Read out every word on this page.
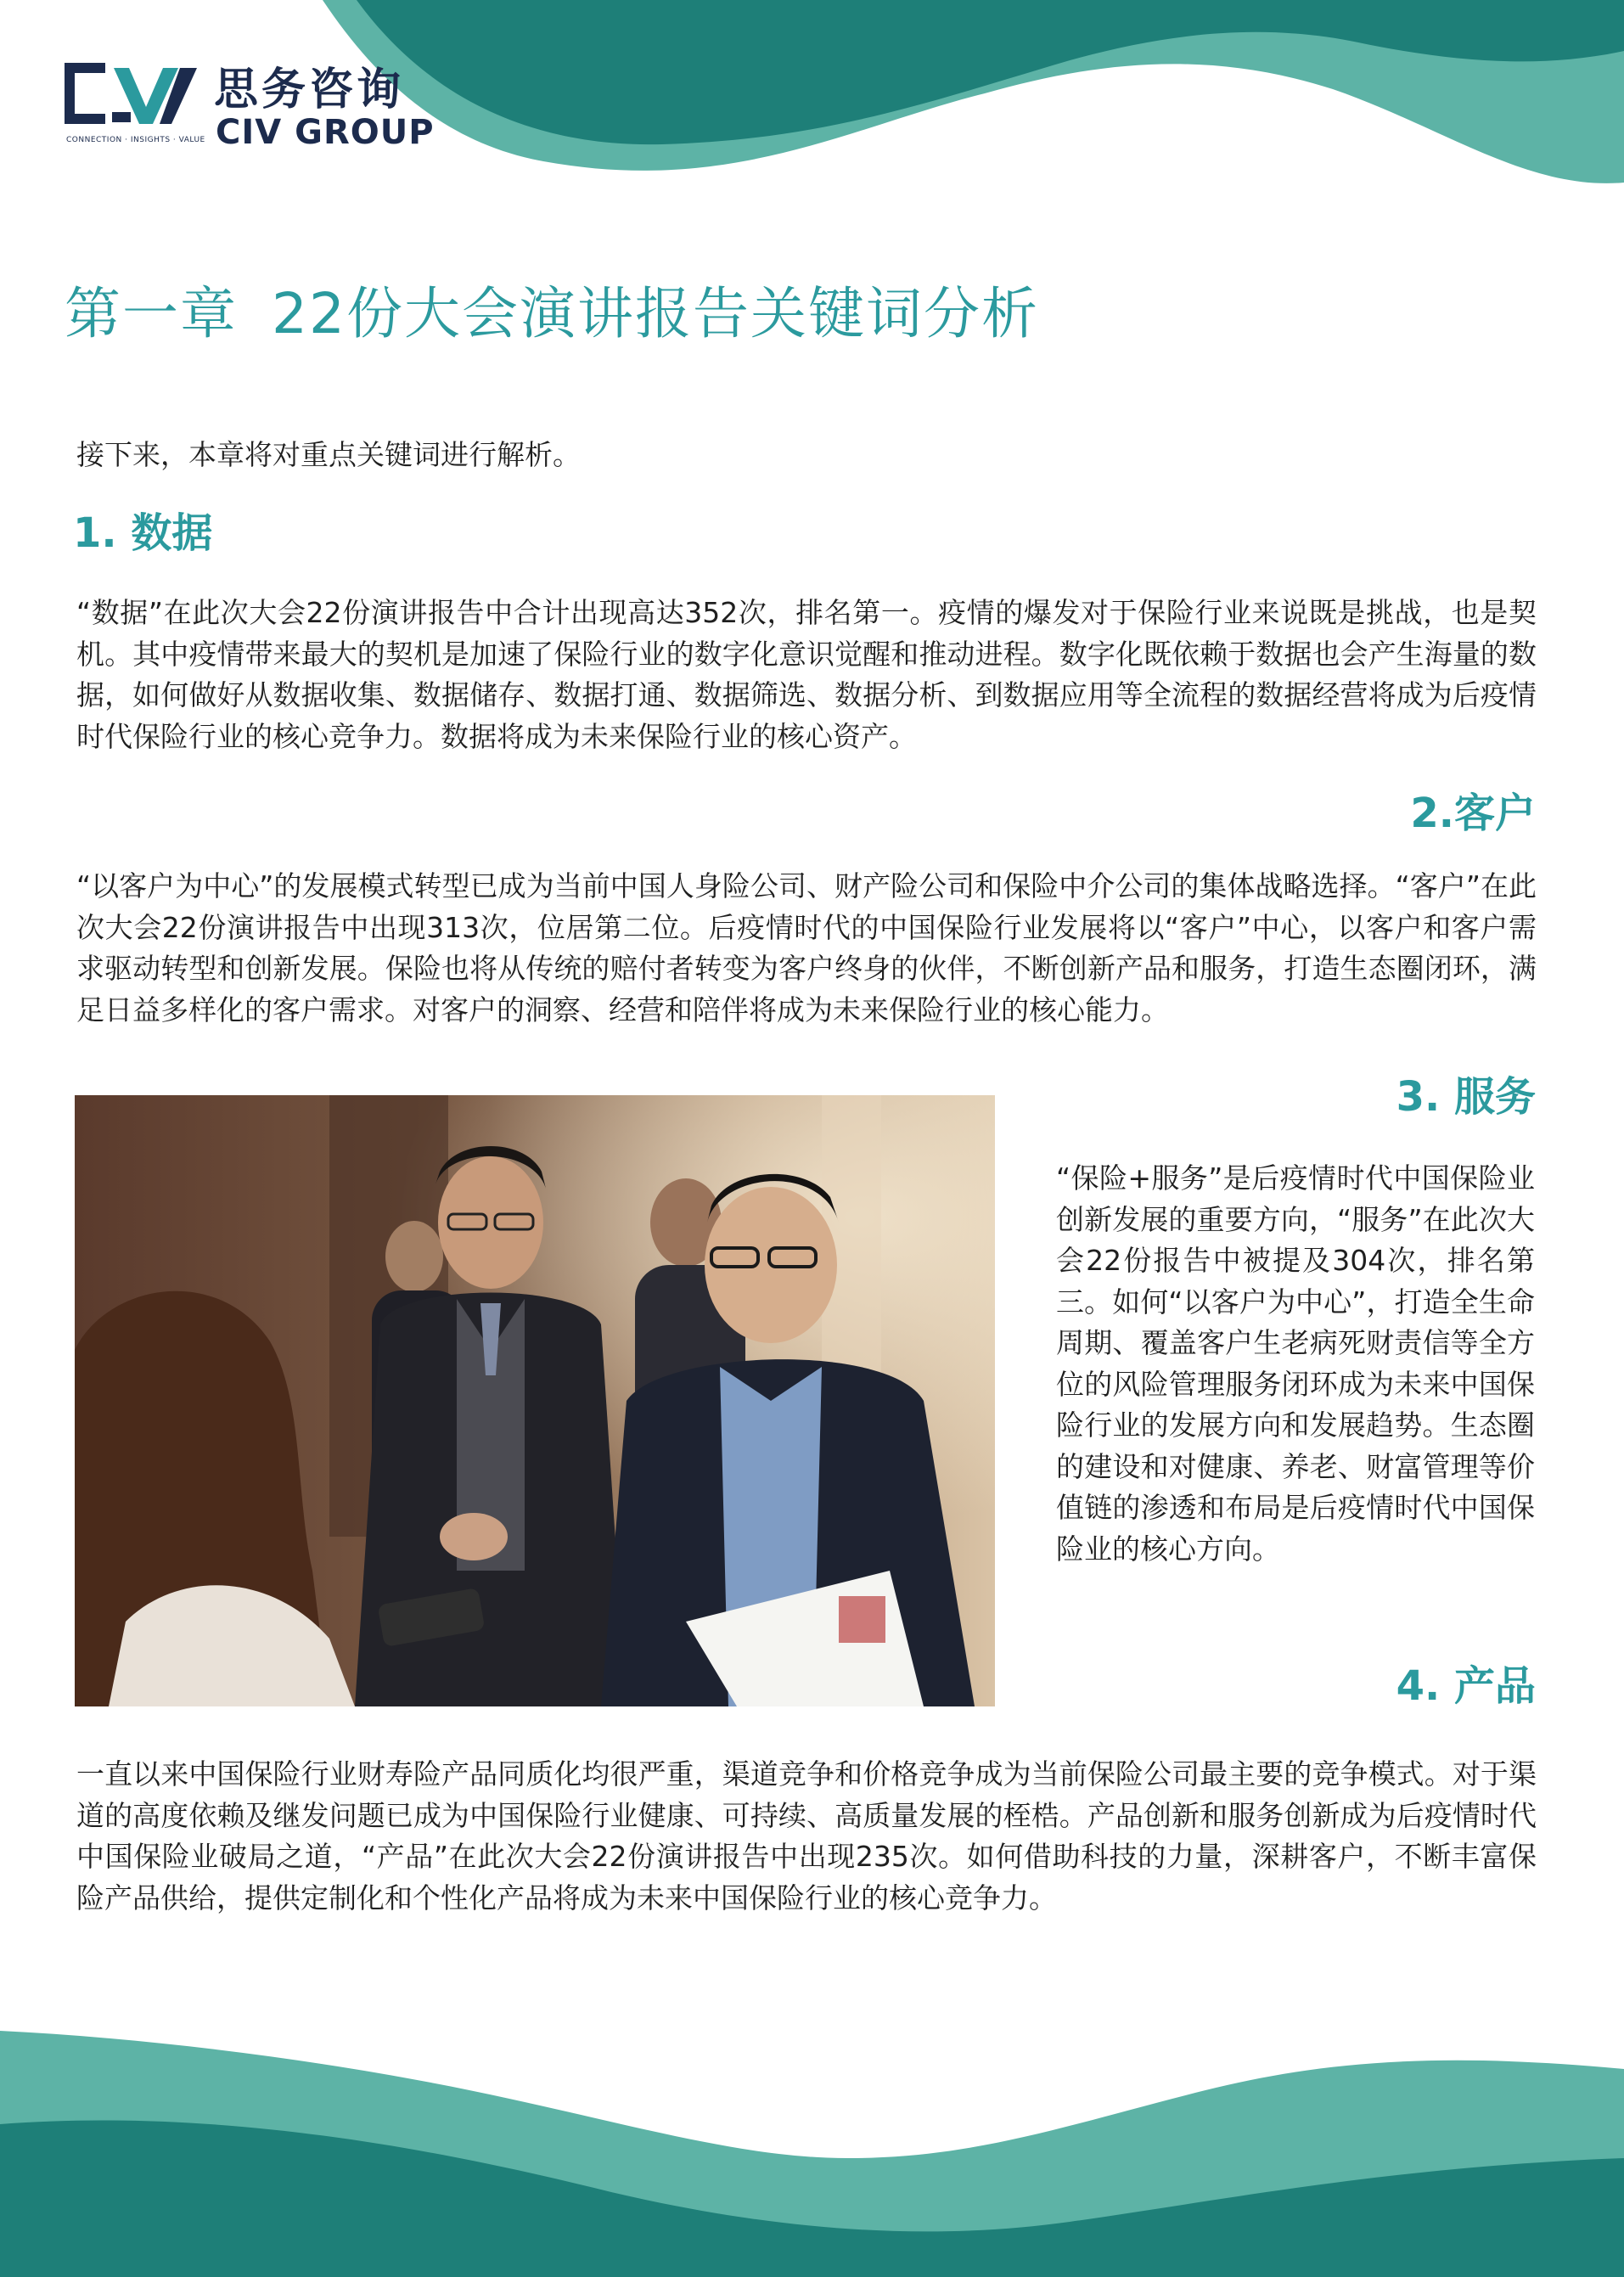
思务咨询
CIV GROUP
CONNECTION · INSIGHTS · VALUE
第一章 22份大会演讲报告关键词分析
接下来，本章将对重点关键词进行解析。
1. 数据

“数据”在此次大会22份演讲报告中合计出现高达352次，排名第一。疫情的爆发对于保险行业来说既是挑战，也是契机。其中疫情带来最大的契机是加速了保险行业的数字化意识觉醒和推动进程。数字化既依赖于数据也会产生海量的数据，如何做好从数据收集、数据储存、数据打通、数据筛选、数据分析、到数据应用等全流程的数据经营将成为后疫情时代保险行业的核心竞争力。数据将成为未来保险行业的核心资产。

2.客户

“以客户为中心”的发展模式转型已成为当前中国人身险公司、财产险公司和保险中介公司的集体战略选择。“客户”在此次大会22份演讲报告中出现313次，位居第二位。后疫情时代的中国保险行业发展将以“客户”中心，以客户和客户需求驱动转型和创新发展。保险也将从传统的赔付者转变为客户终身的伙伴，不断创新产品和服务，打造生态圈闭环，满足日益多样化的客户需求。对客户的洞察、经营和陪伴将成为未来保险行业的核心能力。

3. 服务

“保险+服务”是后疫情时代中国保险业创新发展的重要方向，“服务”在此次大会22份报告中被提及304次，排名第三。如何“以客户为中心”，打造全生命周期、覆盖客户生老病死财责信等全方位的风险管理服务闭环成为未来中国保险行业的发展方向和发展趋势。生态圈的建设和对健康、养老、财富管理等价值链的渗透和布局是后疫情时代中国保险业的核心方向。

4. 产品

一直以来中国保险行业财寿险产品同质化均很严重，渠道竞争和价格竞争成为当前保险公司最主要的竞争模式。对于渠道的高度依赖及继发问题已成为中国保险行业健康、可持续、高质量发展的桎梏。产品创新和服务创新成为后疫情时代中国保险业破局之道，“产品”在此次大会22份演讲报告中出现235次。如何借助科技的力量，深耕客户，不断丰富保险产品供给，提供定制化和个性化产品将成为未来中国保险行业的核心竞争力。
